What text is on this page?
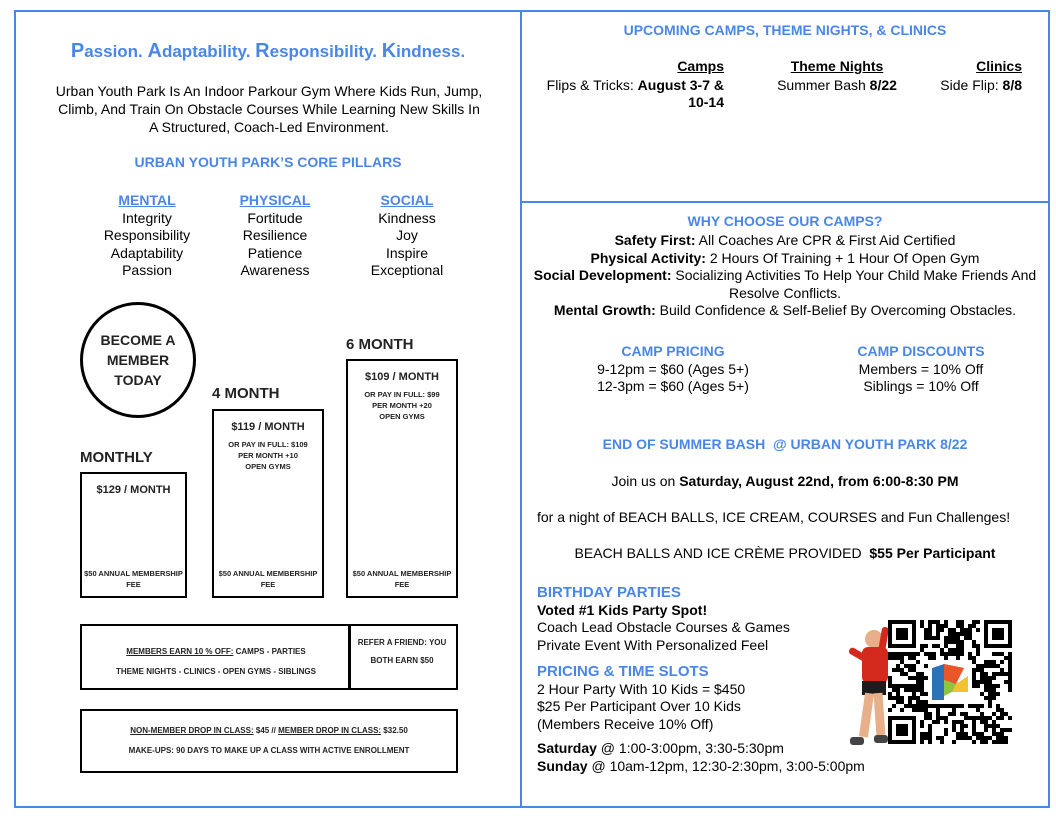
Passion. Adaptability. Responsibility. Kindness.
Urban Youth Park Is An Indoor Parkour Gym Where Kids Run, Jump, Climb, And Train On Obstacle Courses While Learning New Skills In A Structured, Coach-Led Environment.
URBAN YOUTH PARK’S CORE PILLARS
MENTAL
Integrity
Responsibility
Adaptability
Passion
PHYSICAL
Fortitude
Resilience
Patience
Awareness
SOCIAL
Kindness
Joy
Inspire
Exceptional
BECOME A MEMBER TODAY
MONTHLY
$129 / MONTH
$50 ANNUAL MEMBERSHIP FEE
4 MONTH
$119 / MONTH
OR PAY IN FULL: $109 PER MONTH +10 OPEN GYMS
$50 ANNUAL MEMBERSHIP FEE
6 MONTH
$109 / MONTH
OR PAY IN FULL: $99 PER MONTH +20 OPEN GYMS
$50 ANNUAL MEMBERSHIP FEE
MEMBERS EARN 10 % OFF: CAMPS - PARTIES
THEME NIGHTS - CLINICS - OPEN GYMS - SIBLINGS
REFER A FRIEND: YOU BOTH EARN $50
NON-MEMBER DROP IN CLASS: $45 // MEMBER DROP IN CLASS: $32.50
MAKE-UPS: 90 DAYS TO MAKE UP A CLASS WITH ACTIVE ENROLLMENT
UPCOMING CAMPS, THEME NIGHTS, & CLINICS
Camps
Flips & Tricks: August 3-7 & 10-14
Theme Nights
Summer Bash 8/22
Clinics
Side Flip: 8/8
WHY CHOOSE OUR CAMPS?
Safety First: All Coaches Are CPR & First Aid Certified
Physical Activity: 2 Hours Of Training + 1 Hour Of Open Gym
Social Development: Socializing Activities To Help Your Child Make Friends And Resolve Conflicts.
Mental Growth: Build Confidence & Self-Belief By Overcoming Obstacles.
CAMP PRICING
9-12pm = $60 (Ages 5+)
12-3pm = $60 (Ages 5+)
CAMP DISCOUNTS
Members = 10% Off
Siblings = 10% Off
END OF SUMMER BASH  @ URBAN YOUTH PARK 8/22
Join us on Saturday, August 22nd, from 6:00-8:30 PM
for a night of BEACH BALLS, ICE CREAM, COURSES and Fun Challenges!
BEACH BALLS AND ICE CRÈME PROVIDED  $55 Per Participant
BIRTHDAY PARTIES
Voted #1 Kids Party Spot!
Coach Lead Obstacle Courses & Games
Private Event With Personalized Feel
PRICING & TIME SLOTS
2 Hour Party With 10 Kids = $450
$25 Per Participant Over 10 Kids
(Members Receive 10% Off)
Saturday @ 1:00-3:00pm, 3:30-5:30pm
Sunday @ 10am-12pm, 12:30-2:30pm, 3:00-5:00pm
